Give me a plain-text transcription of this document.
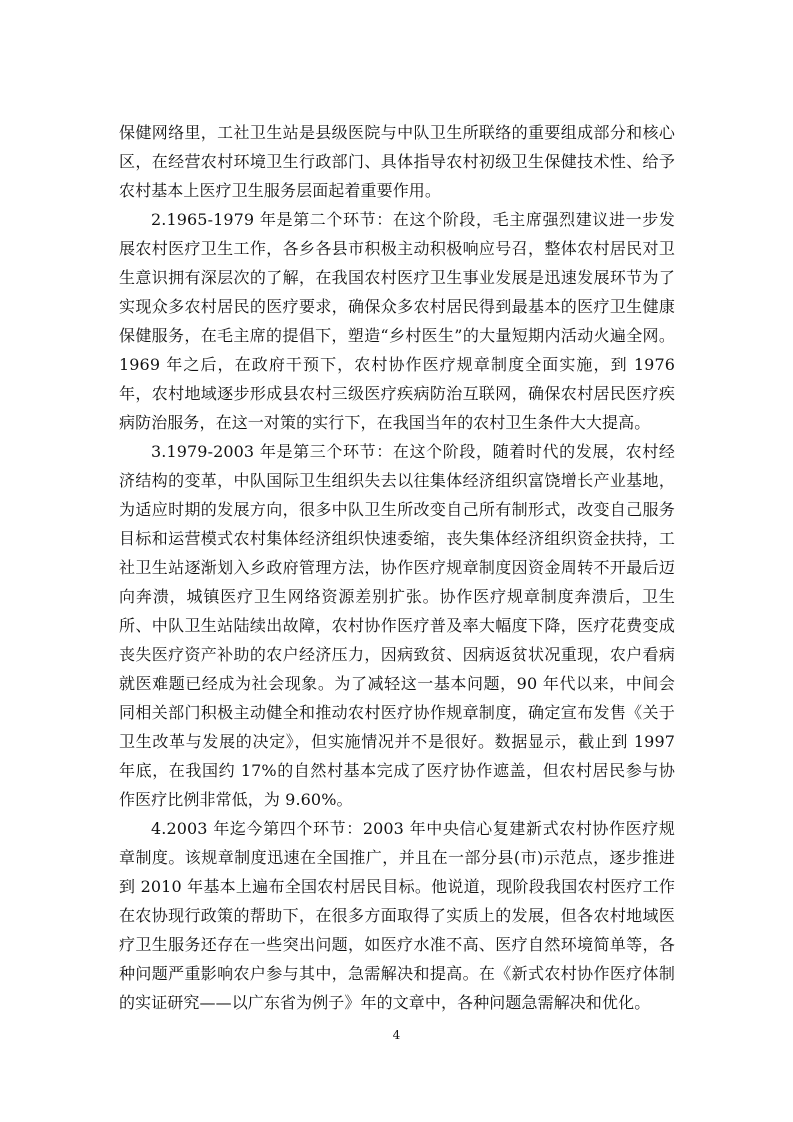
保健网络里，工社卫生站是县级医院与中队卫生所联络的重要组成部分和核心区，在经营农村环境卫生行政部门、具体指导农村初级卫生保健技术性、给予农村基本上医疗卫生服务层面起着重要作用。

2.1965-1979 年是第二个环节：在这个阶段，毛主席强烈建议进一步发展农村医疗卫生工作，各乡各县市积极主动积极响应号召，整体农村居民对卫生意识拥有深层次的了解，在我国农村医疗卫生事业发展是迅速发展环节为了实现众多农村居民的医疗要求，确保众多农村居民得到最基本的医疗卫生健康保健服务，在毛主席的提倡下，塑造“乡村医生”的大量短期内活动火遍全网。1969 年之后，在政府干预下，农村协作医疗规章制度全面实施，到 1976 年，农村地域逐步形成县农村三级医疗疾病防治互联网，确保农村居民医疗疾病防治服务，在这一对策的实行下，在我国当年的农村卫生条件大大提高。

3.1979-2003 年是第三个环节：在这个阶段，随着时代的发展，农村经济结构的变革，中队国际卫生组织失去以往集体经济组织富饶增长产业基地，为适应时期的发展方向，很多中队卫生所改变自己所有制形式，改变自己服务目标和运营模式农村集体经济组织快速委缩，丧失集体经济组织资金扶持，工社卫生站逐渐划入乡政府管理方法，协作医疗规章制度因资金周转不开最后迈向奔溃，城镇医疗卫生网络资源差别扩张。协作医疗规章制度奔溃后，卫生所、中队卫生站陆续出故障，农村协作医疗普及率大幅度下降，医疗花费变成丧失医疗资产补助的农户经济压力，因病致贫、因病返贫状况重现，农户看病就医难题已经成为社会现象。为了减轻这一基本问题，90 年代以来，中间会同相关部门积极主动健全和推动农村医疗协作规章制度，确定宣布发售《关于卫生改革与发展的决定》，但实施情况并不是很好。数据显示，截止到 1997 年底，在我国约 17%的自然村基本完成了医疗协作遮盖，但农村居民参与协作医疗比例非常低，为 9.60%。

4.2003 年迄今第四个环节：2003 年中央信心复建新式农村协作医疗规章制度。该规章制度迅速在全国推广，并且在一部分县(市)示范点，逐步推进到 2010 年基本上遍布全国农村居民目标。他说道，现阶段我国农村医疗工作在农协现行政策的帮助下，在很多方面取得了实质上的发展，但各农村地域医疗卫生服务还存在一些突出问题，如医疗水准不高、医疗自然环境简单等，各种问题严重影响农户参与其中，急需解决和提高。在《新式农村协作医疗体制的实证研究——以广东省为例子》年的文章中，各种问题急需解决和优化。

4
